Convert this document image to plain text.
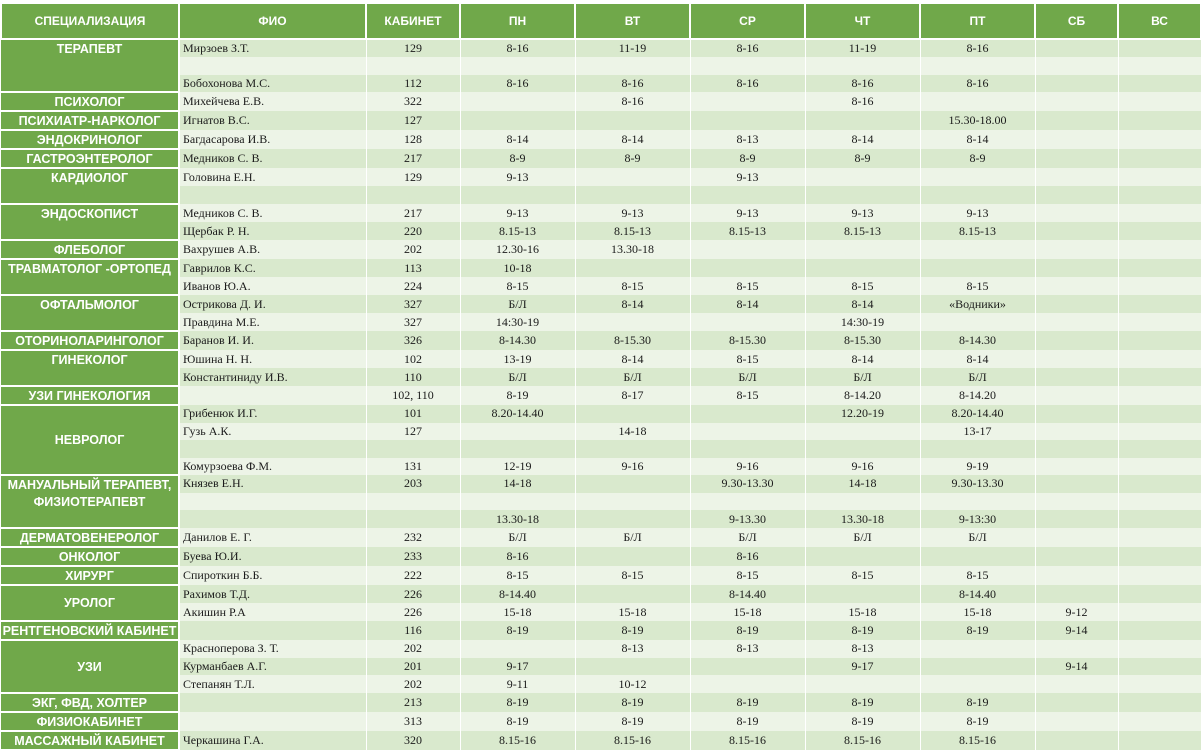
СПЕЦИАЛИЗАЦИЯ	ФИО	КАБИНЕТ	ПН	ВТ	СР	ЧТ	ПТ	СБ	ВС

ТЕРАПЕВТ	Мирзоев З.Т.	129	8-16	11-19	8-16	11-19	8-16		

	Бобохонова М.С.	112	8-16	8-16	8-16	8-16	8-16		

ПСИХОЛОГ	Михейчева Е.В.	322		8-16		8-16			

ПСИХИАТР-НАРКОЛОГ	Игнатов В.С.	127					15.30-18.00		

ЭНДОКРИНОЛОГ	Багдасарова И.В.	128	8-14	8-14	8-13	8-14	8-14		

ГАСТРОЭНТЕРОЛОГ	Медников С. В.	217	8-9	8-9	8-9	8-9	8-9		

КАРДИОЛОГ	Головина Е.Н.	129	9-13		9-13				

ЭНДОСКОПИСТ	Медников С. В.	217	9-13	9-13	9-13	9-13	9-13		
	Щербак Р. Н.	220	8.15-13	8.15-13	8.15-13	8.15-13	8.15-13		

ФЛЕБОЛОГ	Вахрушев А.В.	202	12.30-16	13.30-18					

ТРАВМАТОЛОГ -ОРТОПЕД	Гаврилов К.С.	113	10-18						
	Иванов Ю.А.	224	8-15	8-15	8-15	8-15	8-15		

ОФТАЛЬМОЛОГ	Острикова Д. И.	327	Б/Л	8-14	8-14	8-14	«Водники»		
	Правдина М.Е.	327	14:30-19			14:30-19			

ОТОРИНОЛАРИНГОЛОГ	Баранов И. И.	326	8-14.30	8-15.30	8-15.30	8-15.30	8-14.30		

ГИНЕКОЛОГ	Юшина Н. Н.	102	13-19	8-14	8-15	8-14	8-14		
	Константиниду И.В.	110	Б/Л	Б/Л	Б/Л	Б/Л	Б/Л		

УЗИ ГИНЕКОЛОГИЯ		102, 110	8-19	8-17	8-15	8-14.20	8-14.20		

НЕВРОЛОГ	Грибенюк И.Г.	101	8.20-14.40			12.20-19	8.20-14.40		
	Гузь А.К.	127		14-18			13-17		

	Комурзоева Ф.М.	131	12-19	9-16	9-16	9-16	9-19		

МАНУАЛЬНЫЙ ТЕРАПЕВТ, ФИЗИОТЕРАПЕВТ	Князев Е.Н.	203	14-18		9.30-13.30	14-18	9.30-13.30		

			13.30-18		9-13.30	13.30-18	9-13:30		

ДЕРМАТОВЕНЕРОЛОГ	Данилов Е. Г.	232	Б/Л	Б/Л	Б/Л	Б/Л	Б/Л		

ОНКОЛОГ	Буева Ю.И.	233	8-16		8-16				

ХИРУРГ	Спироткин Б.Б.	222	8-15	8-15	8-15	8-15	8-15		

УРОЛОГ	Рахимов Т.Д.	226	8-14.40		8-14.40		8-14.40		
	Акишин Р.А	226	15-18	15-18	15-18	15-18	15-18	9-12	

РЕНТГЕНОВСКИЙ КАБИНЕТ		116	8-19	8-19	8-19	8-19	8-19	9-14	

УЗИ	Красноперова З. Т.	202		8-13	8-13	8-13			
	Курманбаев А.Г.	201	9-17			9-17		9-14	
	Степанян Т.Л.	202	9-11	10-12					

ЭКГ, ФВД, ХОЛТЕР		213	8-19	8-19	8-19	8-19	8-19		

ФИЗИОКАБИНЕТ		313	8-19	8-19	8-19	8-19	8-19		

МАССАЖНЫЙ КАБИНЕТ	Черкашина Г.А.	320	8.15-16	8.15-16	8.15-16	8.15-16	8.15-16		
